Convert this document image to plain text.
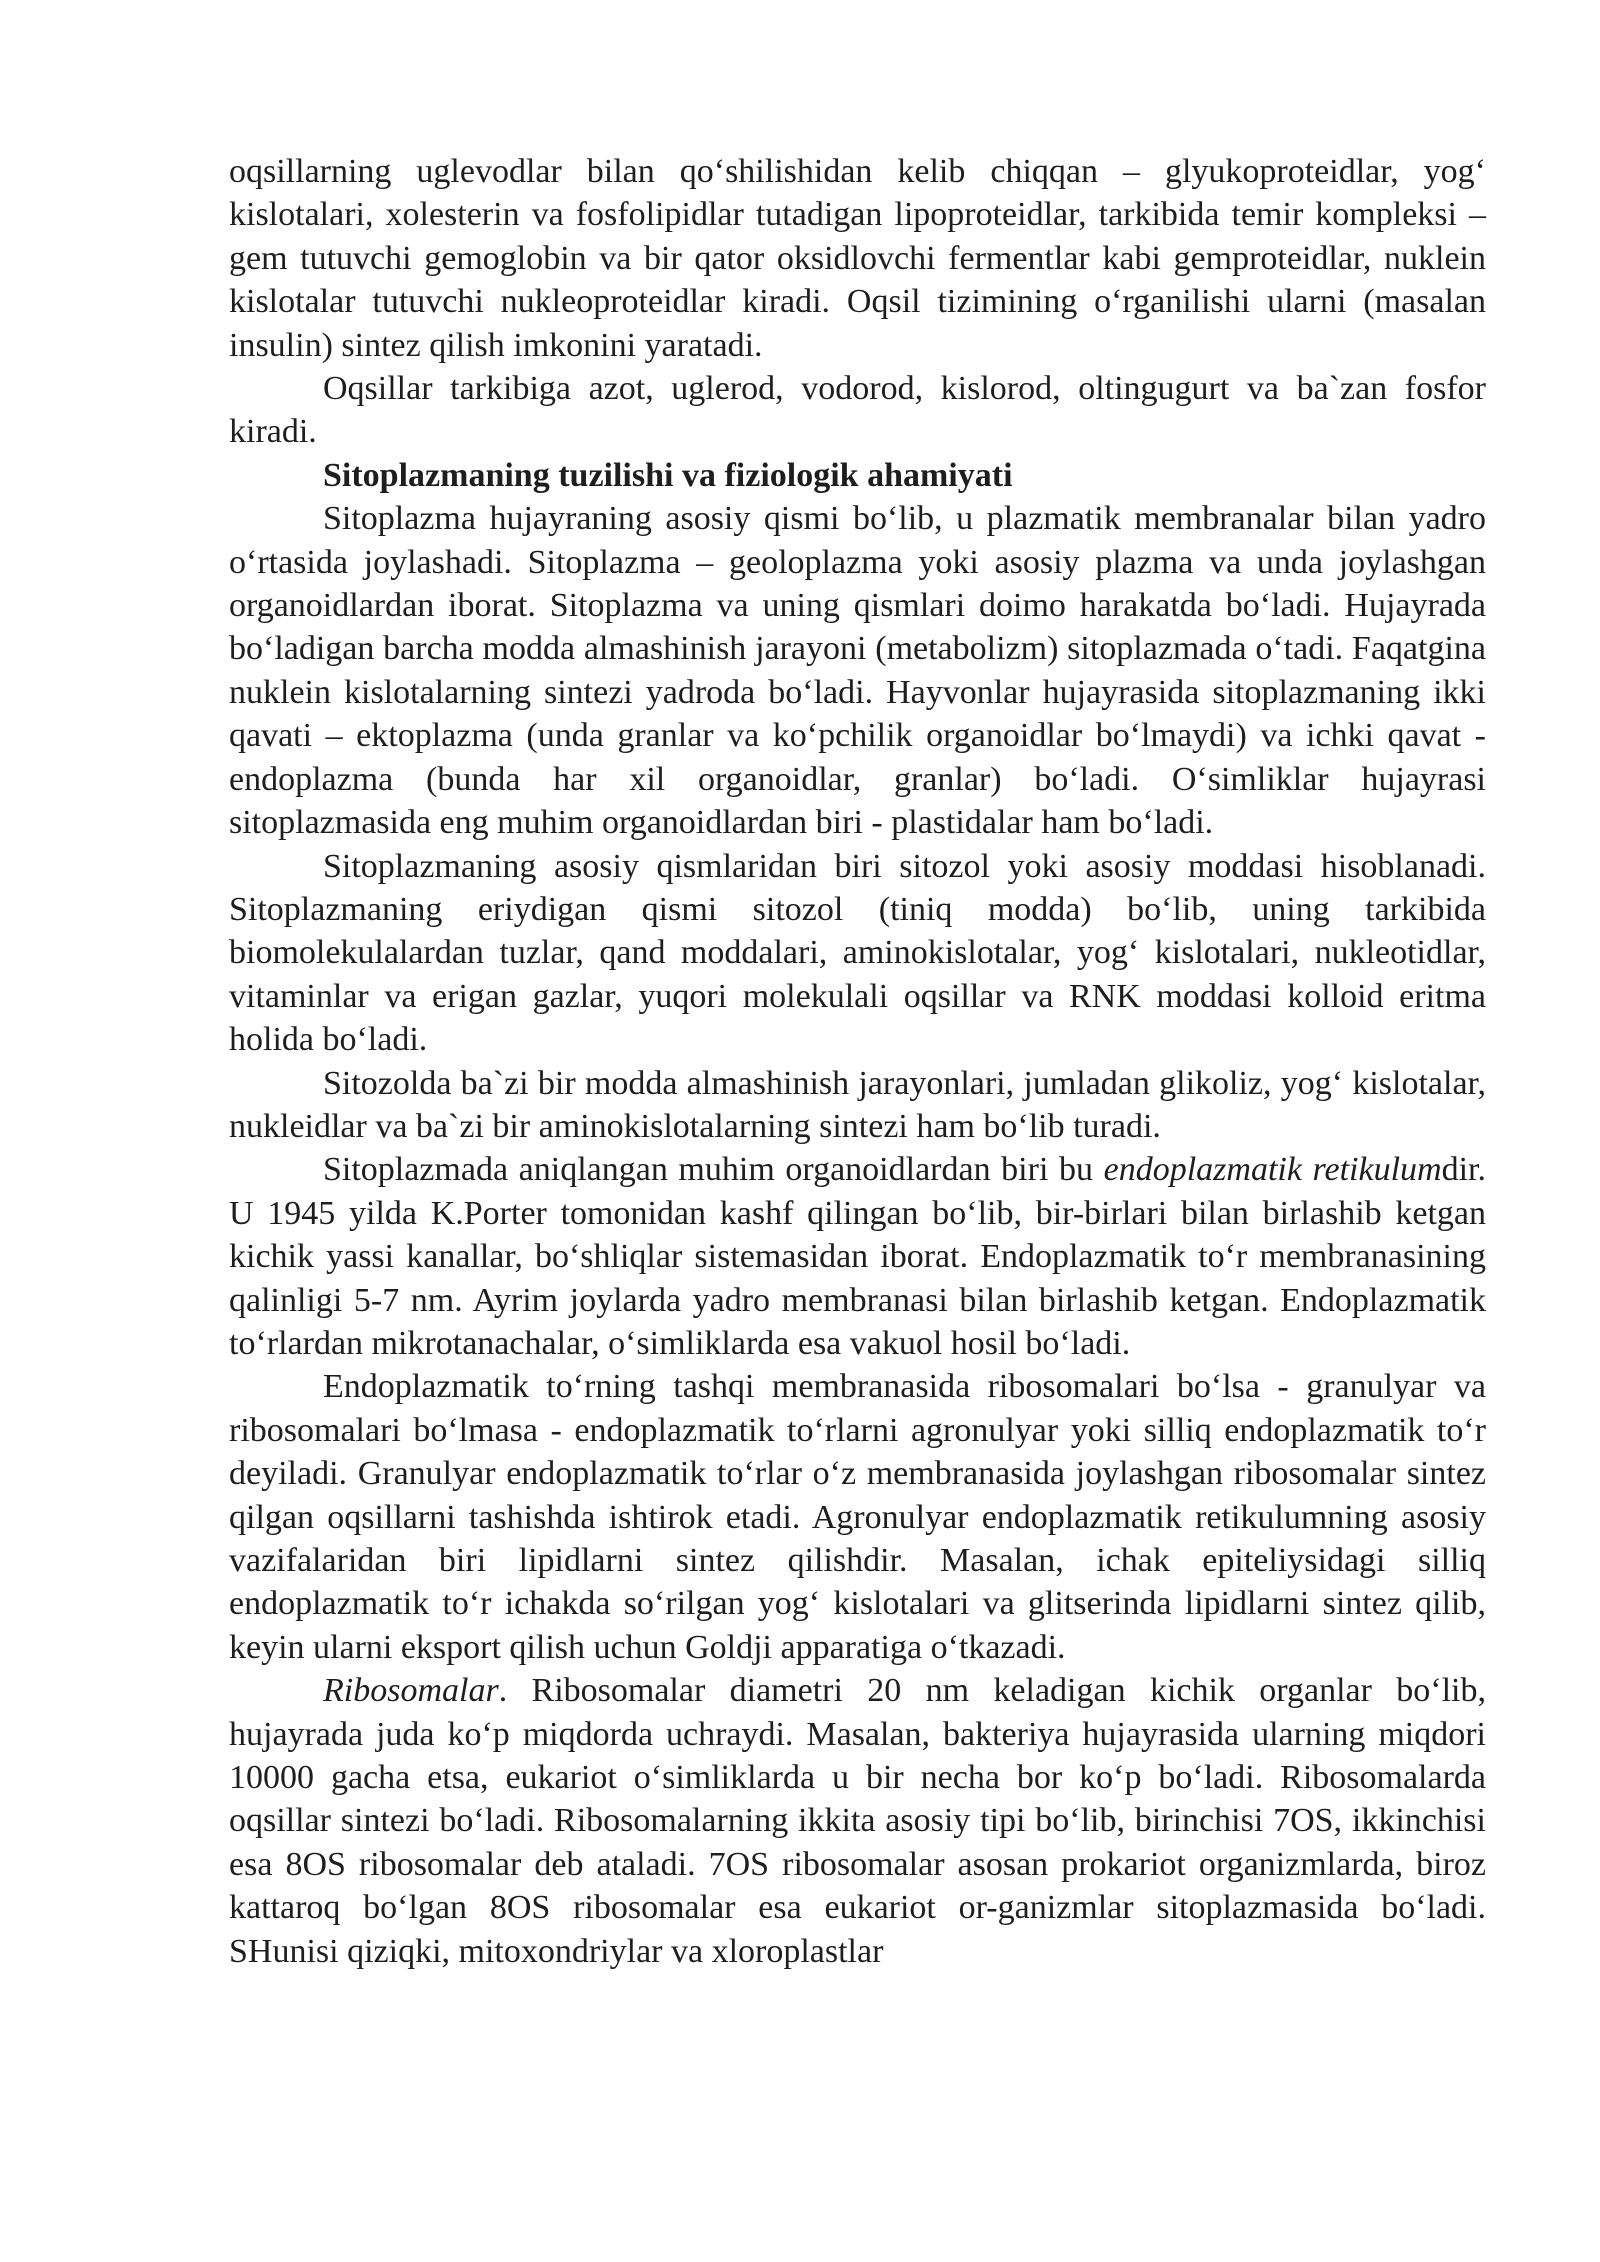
oqsillarning uglevodlar bilan qo‘shilishidan kelib chiqqan – glyukoproteidlar, yog‘ kislotalari, xolesterin va fosfolipidlar tutadigan lipoproteidlar, tarkibida temir kompleksi – gem tutuvchi gemoglobin va bir qator oksidlovchi fermentlar kabi gemproteidlar, nuklein kislotalar tutuvchi nukleoproteidlar kiradi. Oqsil tizimining o‘rganilishi ularni (masalan insulin) sintez qilish imkonini yaratadi.

Oqsillar tarkibiga azot, uglerod, vodorod, kislorod, oltingugurt va ba`zan fosfor kiradi.

Sitoplazmaning tuzilishi va fiziologik ahamiyati

Sitoplazma hujayraning asosiy qismi bo‘lib, u plazmatik membranalar bilan yadro o‘rtasida joylashadi. Sitoplazma – geoloplazma yoki asosiy plazma va unda joylashgan organoidlardan iborat. Sitoplazma va uning qismlari doimo harakatda bo‘ladi. Hujayrada bo‘ladigan barcha modda almashinish jarayoni (metabolizm) sitoplazmada o‘tadi. Faqatgina nuklein kislotalarning sintezi yadroda bo‘ladi. Hayvonlar hujayrasida sitoplazmaning ikki qavati – ektoplazma (unda granlar va ko‘pchilik organoidlar bo‘lmaydi) va ichki qavat - endoplazma (bunda har xil organoidlar, granlar) bo‘ladi. O‘simliklar hujayrasi sitoplazmasida eng muhim organoidlardan biri - plastidalar ham bo‘ladi.

Sitoplazmaning asosiy qismlaridan biri sitozol yoki asosiy moddasi hisoblanadi. Sitoplazmaning eriydigan qismi sitozol (tiniq modda) bo‘lib, uning tarkibida biomolekulalardan tuzlar, qand moddalari, aminokislotalar, yog‘ kislotalari, nukleotidlar, vitaminlar va erigan gazlar, yuqori molekulali oqsillar va RNK moddasi kolloid eritma holida bo‘ladi.

Sitozolda ba`zi bir modda almashinish jarayonlari, jumladan glikoliz, yog‘ kislotalar, nukleidlar va ba`zi bir aminokislotalarning sintezi ham bo‘lib turadi.

Sitoplazmada aniqlangan muhim organoidlardan biri bu endoplazmatik retikulumdir. U 1945 yilda K.Porter tomonidan kashf qilingan bo‘lib, bir-birlari bilan birlashib ketgan kichik yassi kanallar, bo‘shliqlar sistemasidan iborat. Endoplazmatik to‘r membranasining qalinligi 5-7 nm. Ayrim joylarda yadro membranasi bilan birlashib ketgan. Endoplazmatik to‘rlardan mikrotanachalar, o‘simliklarda esa vakuol hosil bo‘ladi.

Endoplazmatik to‘rning tashqi membranasida ribosomalari bo‘lsa - granulyar va ribosomalari bo‘lmasa - endoplazmatik to‘rlarni agronulyar yoki silliq endoplazmatik to‘r deyiladi. Granulyar endoplazmatik to‘rlar o‘z membranasida joylashgan ribosomalar sintez qilgan oqsillarni tashishda ishtirok etadi. Agronulyar endoplazmatik retikulumning asosiy vazifalaridan biri lipidlarni sintez qilishdir. Masalan, ichak epiteliysidagi silliq endoplazmatik to‘r ichakda so‘rilgan yog‘ kislotalari va glitserinda lipidlarni sintez qilib, keyin ularni eksport qilish uchun Goldji apparatiga o‘tkazadi.

Ribosomalar. Ribosomalar diametri 20 nm keladigan kichik organlar bo‘lib, hujayrada juda ko‘p miqdorda uchraydi. Masalan, bakteriya hujayrasida ularning miqdori 10000 gacha etsa, eukariot o‘simliklarda u bir necha bor ko‘p bo‘ladi. Ribosomalarda oqsillar sintezi bo‘ladi. Ribosomalarning ikkita asosiy tipi bo‘lib, birinchisi 7OS, ikkinchisi esa 8OS ribosomalar deb ataladi. 7OS ribosomalar asosan prokariot organizmlarda, biroz kattaroq bo‘lgan 8OS ribosomalar esa eukariot or-ganizmlar sitoplazmasida bo‘ladi. SHunisi qiziqki, mitoxondriylar va xloroplastlar
